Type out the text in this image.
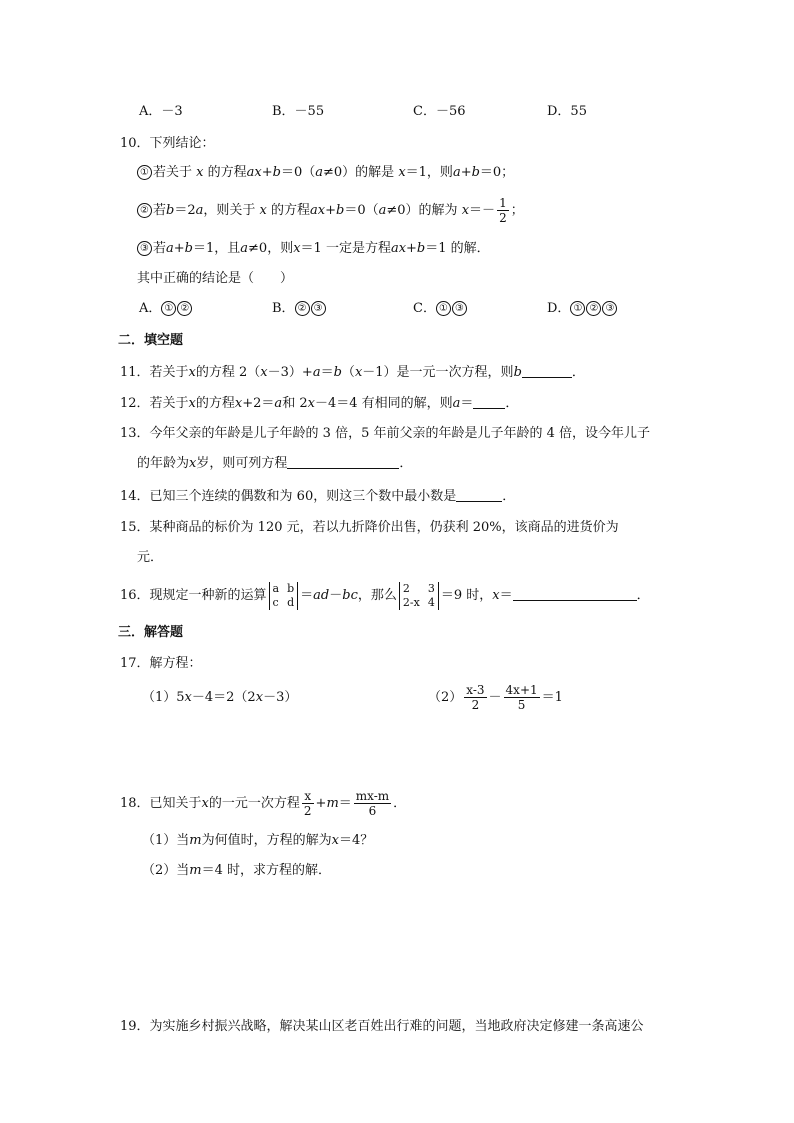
A．－3	B．－55	C．－56	D．55
10．下列结论：
① 若关于 x 的方程ax+b＝0（a≠0）的解是 x＝1，则a+b＝0；
② 若b＝2a，则关于 x 的方程ax+b＝0（a≠0）的解为 $x=- \frac{1}{2}$ ；
③ 若a+b＝1，且a≠0，则x＝1 一定是方程ax+b＝1 的解．
其中正确的结论是（　　）
A． ① ②	B． ② ③	C． ① ③	D． ① ② ③
二．填空题
11．若关于x的方程 2（x－3）+a＝b（x－1）是一元一次方程，则b	．
12．若关于x的方程x+2＝a和 2x－4＝4 有相同的解，则a＝ ．
13．今年父亲的年龄是儿子年龄的 3 倍，5 年前父亲的年龄是儿子年龄的 4 倍，设今年儿子
的年龄为x岁，则可列方程	．
14．已知三个连续的偶数和为 60，则这三个数中最小数是	．
15．某种商品的标价为 120 元，若以九折降价出售，仍获利 20%，该商品的进货价为
元．
16．现规定一种新的运算 a b
c d ＝ad－bc，那么 2 3
2-x 4 ＝9 时，x＝	．
三．解答题
17．解方程：
（1）5x－4＝2（2x－3）	$(2) \frac{x-3}{2} - \frac{4x+1}{5} =1$
18．已知关于x的一元一次方程 $\frac{x}{2} +m= \frac{mx-m}{6}$ ．
（1）当m为何值时，方程的解为x＝4？
（2）当m＝4 时，求方程的解．
19．为实施乡村振兴战略，解决某山区老百姓出行难的问题，当地政府决定修建一条高速公
